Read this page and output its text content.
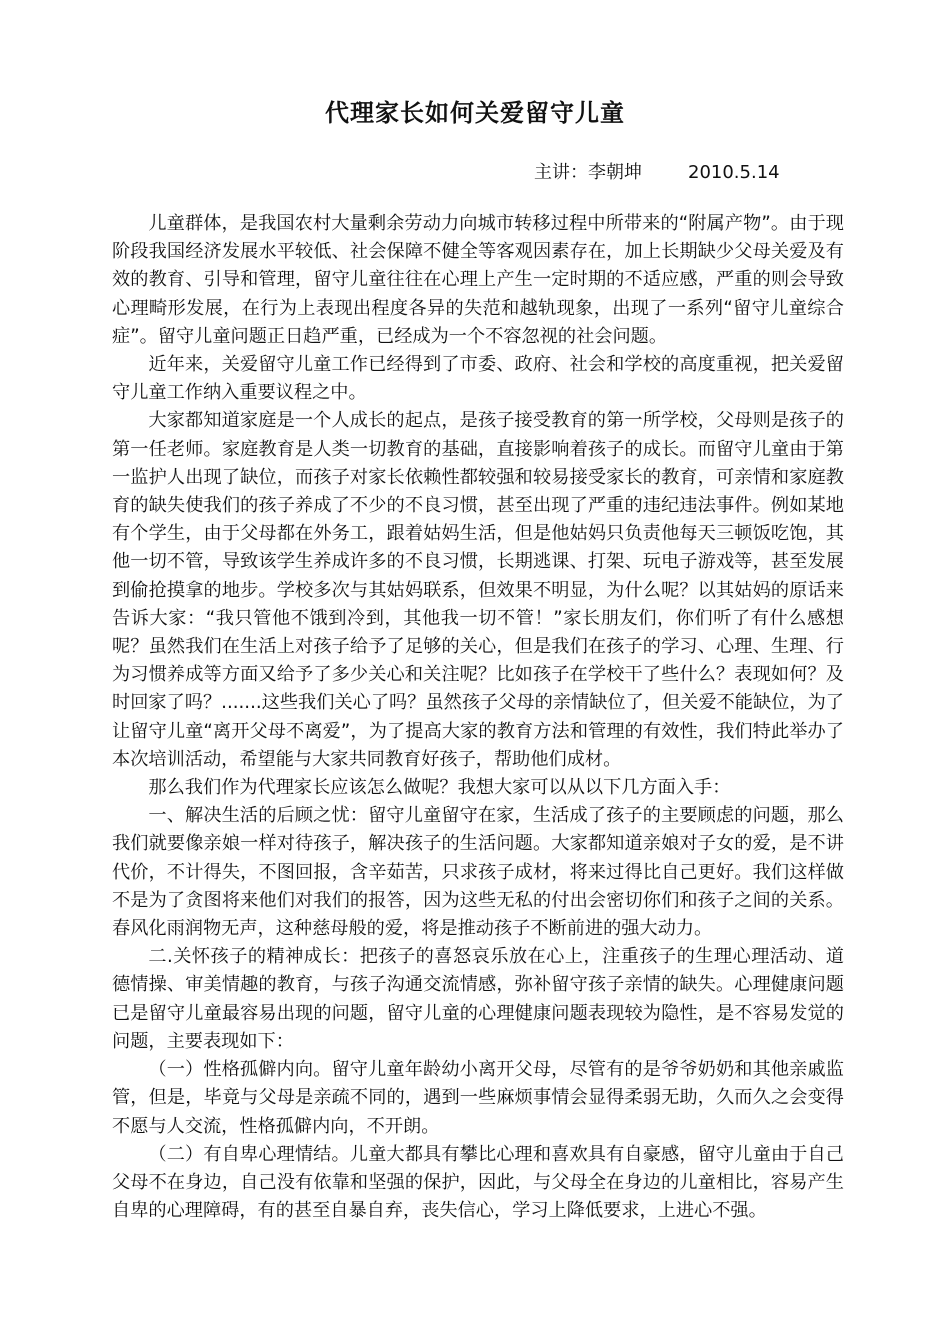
代理家长如何关爱留守儿童
主讲：李朝坤	2010.5.14

儿童群体，是我国农村大量剩余劳动力向城市转移过程中所带来的“附属产物”。由于现阶段我国经济发展水平较低、社会保障不健全等客观因素存在，加上长期缺少父母关爱及有效的教育、引导和管理，留守儿童往往在心理上产生一定时期的不适应感，严重的则会导致心理畸形发展，在行为上表现出程度各异的失范和越轨现象，出现了一系列“留守儿童综合症”。留守儿童问题正日趋严重，已经成为一个不容忽视的社会问题。

近年来，关爱留守儿童工作已经得到了市委、政府、社会和学校的高度重视，把关爱留守儿童工作纳入重要议程之中。

大家都知道家庭是一个人成长的起点，是孩子接受教育的第一所学校，父母则是孩子的第一任老师。家庭教育是人类一切教育的基础，直接影响着孩子的成长。而留守儿童由于第一监护人出现了缺位，而孩子对家长依赖性都较强和较易接受家长的教育，可亲情和家庭教育的缺失使我们的孩子养成了不少的不良习惯，甚至出现了严重的违纪违法事件。例如某地有个学生，由于父母都在外务工，跟着姑妈生活，但是他姑妈只负责他每天三顿饭吃饱，其他一切不管，导致该学生养成许多的不良习惯，长期逃课、打架、玩电子游戏等，甚至发展到偷抢摸拿的地步。学校多次与其姑妈联系，但效果不明显，为什么呢？以其姑妈的原话来告诉大家：“我只管他不饿到冷到，其他我一切不管！”家长朋友们，你们听了有什么感想呢？虽然我们在生活上对孩子给予了足够的关心，但是我们在孩子的学习、心理、生理、行为习惯养成等方面又给予了多少关心和关注呢？比如孩子在学校干了些什么？表现如何？及时回家了吗？.......这些我们关心了吗？虽然孩子父母的亲情缺位了，但关爱不能缺位，为了让留守儿童“离开父母不离爱”，为了提高大家的教育方法和管理的有效性，我们特此举办了本次培训活动，希望能与大家共同教育好孩子，帮助他们成材。

那么我们作为代理家长应该怎么做呢？我想大家可以从以下几方面入手：

一、解决生活的后顾之忧：留守儿童留守在家，生活成了孩子的主要顾虑的问题，那么我们就要像亲娘一样对待孩子，解决孩子的生活问题。大家都知道亲娘对子女的爱，是不讲代价，不计得失，不图回报，含辛茹苦，只求孩子成材，将来过得比自己更好。我们这样做不是为了贪图将来他们对我们的报答，因为这些无私的付出会密切你们和孩子之间的关系。春风化雨润物无声，这种慈母般的爱，将是推动孩子不断前进的强大动力。

二.关怀孩子的精神成长：把孩子的喜怒哀乐放在心上，注重孩子的生理心理活动、道德情操、审美情趣的教育，与孩子沟通交流情感，弥补留守孩子亲情的缺失。心理健康问题已是留守儿童最容易出现的问题，留守儿童的心理健康问题表现较为隐性，是不容易发觉的问题，主要表现如下：

（一）性格孤僻内向。留守儿童年龄幼小离开父母，尽管有的是爷爷奶奶和其他亲戚监管，但是，毕竟与父母是亲疏不同的，遇到一些麻烦事情会显得柔弱无助，久而久之会变得不愿与人交流，性格孤僻内向，不开朗。

（二）有自卑心理情结。儿童大都具有攀比心理和喜欢具有自豪感，留守儿童由于自己父母不在身边，自己没有依靠和坚强的保护，因此，与父母全在身边的儿童相比，容易产生自卑的心理障碍，有的甚至自暴自弃，丧失信心，学习上降低要求，上进心不强。
